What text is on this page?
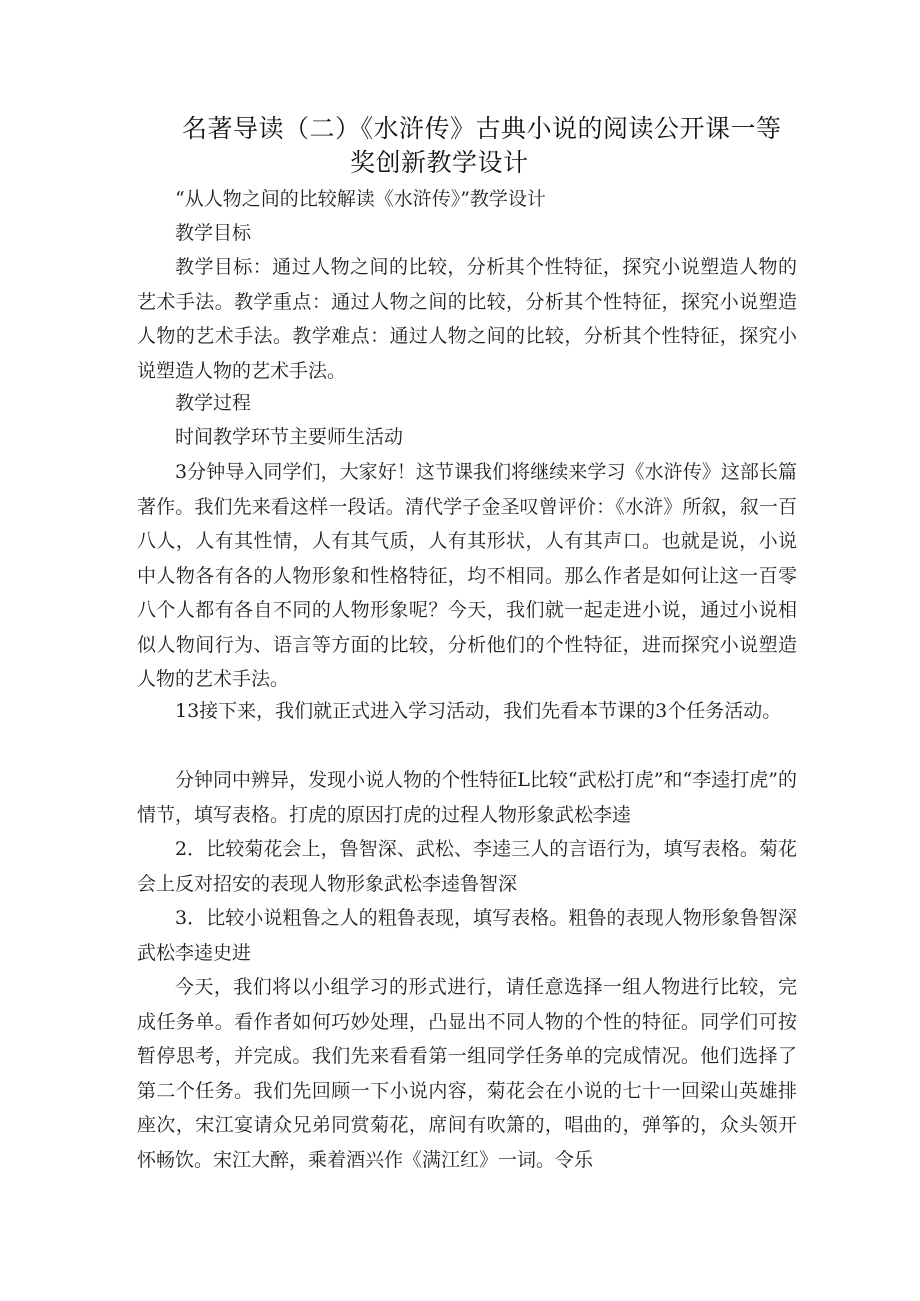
名著导读（二）《水浒传》古典小说的阅读公开课一等
奖创新教学设计
“从人物之间的比较解读《水浒传》”教学设计
教学目标

教学目标：通过人物之间的比较，分析其个性特征，探究小说塑造人物的艺术手法。教学重点：通过人物之间的比较，分析其个性特征，探究小说塑造人物的艺术手法。教学难点：通过人物之间的比较，分析其个性特征，探究小说塑造人物的艺术手法。

教学过程
时间教学环节主要师生活动

3分钟导入同学们，大家好！这节课我们将继续来学习《水浒传》这部长篇著作。我们先来看这样一段话。清代学子金圣叹曾评价：《水浒》所叙，叙一百八人，人有其性情，人有其气质，人有其形状，人有其声口。也就是说，小说中人物各有各的人物形象和性格特征，均不相同。那么作者是如何让这一百零八个人都有各自不同的人物形象呢？今天，我们就一起走进小说，通过小说相似人物间行为、语言等方面的比较，分析他们的个性特征，进而探究小说塑造人物的艺术手法。

13接下来，我们就正式进入学习活动，我们先看本节课的3个任务活动。

分钟同中辨异，发现小说人物的个性特征L比较“武松打虎”和“李逵打虎”的情节，填写表格。打虎的原因打虎的过程人物形象武松李逵

2．比较菊花会上，鲁智深、武松、李逵三人的言语行为，填写表格。菊花会上反对招安的表现人物形象武松李逵鲁智深

3．比较小说粗鲁之人的粗鲁表现，填写表格。粗鲁的表现人物形象鲁智深武松李逵史进

今天，我们将以小组学习的形式进行，请任意选择一组人物进行比较，完成任务单。看作者如何巧妙处理，凸显出不同人物的个性的特征。同学们可按暂停思考，并完成。我们先来看看第一组同学任务单的完成情况。他们选择了第二个任务。我们先回顾一下小说内容，菊花会在小说的七十一回梁山英雄排座次，宋江宴请众兄弟同赏菊花，席间有吹箫的，唱曲的，弹筝的，众头领开怀畅饮。宋江大醉，乘着酒兴作《满江红》一词。令乐
